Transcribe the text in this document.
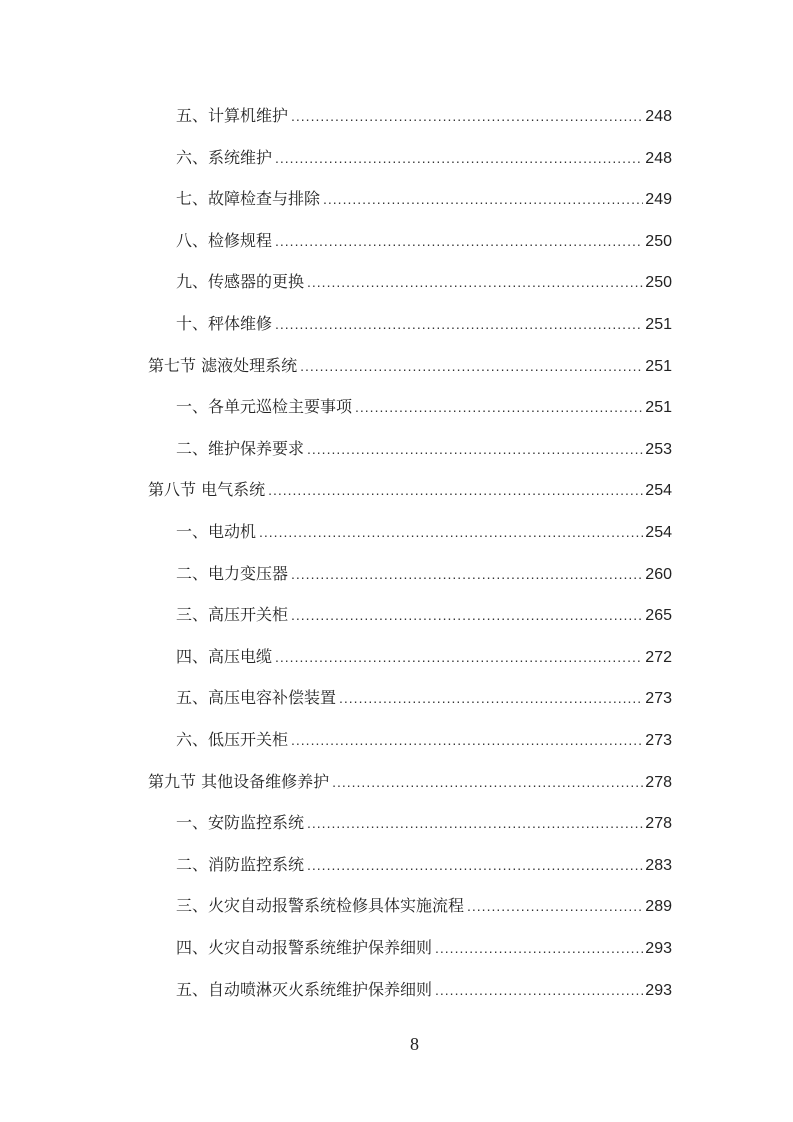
五、计算机维护 .....	248
六、系统维护 .....	248
七、故障检查与排除 .....	249
八、检修规程 .....	250
九、传感器的更换 .....	250
十、秤体维修 .....	251
第七节 滤液处理系统 .....	251
一、各单元巡检主要事项 .....	251
二、维护保养要求 .....	253
第八节 电气系统 .....	254
一、电动机 .....	254
二、电力变压器 .....	260
三、高压开关柜 .....	265
四、高压电缆 .....	272
五、高压电容补偿装置 .....	273
六、低压开关柜 .....	273
第九节 其他设备维修养护 .....	278
一、安防监控系统 .....	278
二、消防监控系统 .....	283
三、火灾自动报警系统检修具体实施流程 .....	289
四、火灾自动报警系统维护保养细则 .....	293
五、自动喷淋灭火系统维护保养细则 .....	293
8
